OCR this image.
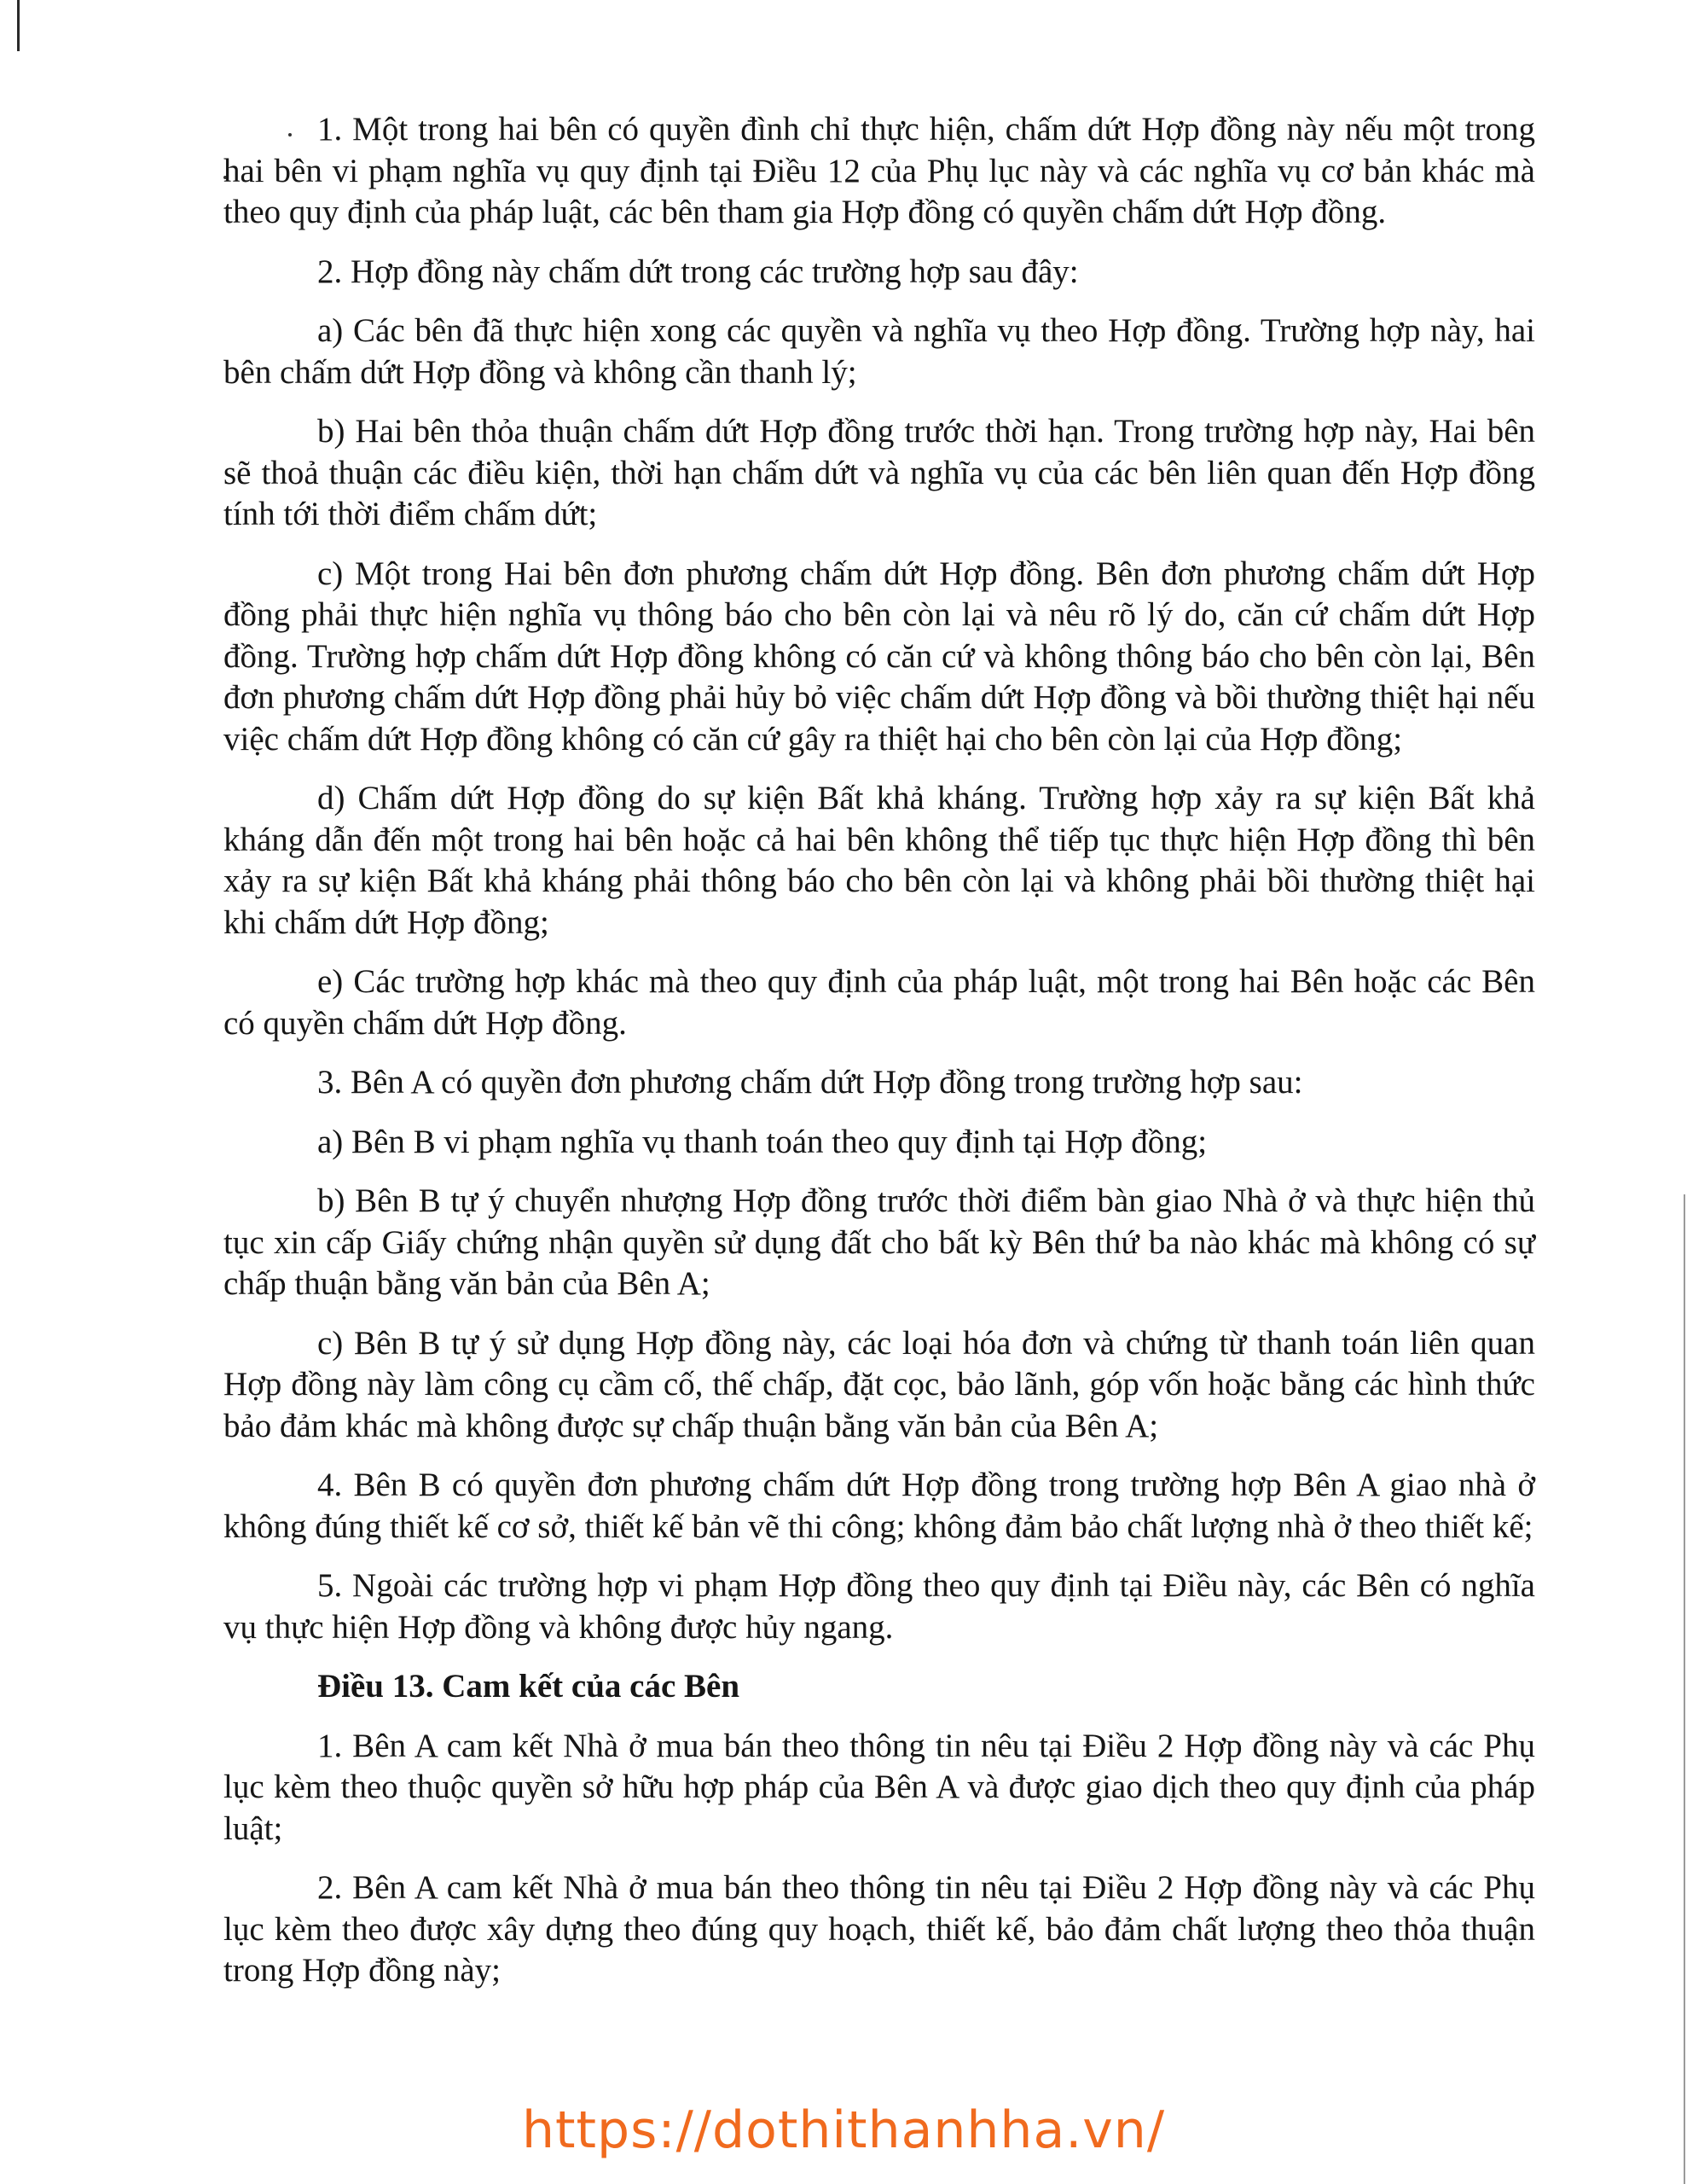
1. Một trong hai bên có quyền đình chỉ thực hiện, chấm dứt Hợp đồng này nếu một trong hai bên vi phạm nghĩa vụ quy định tại Điều 12 của Phụ lục này và các nghĩa vụ cơ bản khác mà theo quy định của pháp luật, các bên tham gia Hợp đồng có quyền chấm dứt Hợp đồng.

2. Hợp đồng này chấm dứt trong các trường hợp sau đây:

a) Các bên đã thực hiện xong các quyền và nghĩa vụ theo Hợp đồng. Trường hợp này, hai bên chấm dứt Hợp đồng và không cần thanh lý;

b) Hai bên thỏa thuận chấm dứt Hợp đồng trước thời hạn. Trong trường hợp này, Hai bên sẽ thoả thuận các điều kiện, thời hạn chấm dứt và nghĩa vụ của các bên liên quan đến Hợp đồng tính tới thời điểm chấm dứt;

c) Một trong Hai bên đơn phương chấm dứt Hợp đồng. Bên đơn phương chấm dứt Hợp đồng phải thực hiện nghĩa vụ thông báo cho bên còn lại và nêu rõ lý do, căn cứ chấm dứt Hợp đồng. Trường hợp chấm dứt Hợp đồng không có căn cứ và không thông báo cho bên còn lại, Bên đơn phương chấm dứt Hợp đồng phải hủy bỏ việc chấm dứt Hợp đồng và bồi thường thiệt hại nếu việc chấm dứt Hợp đồng không có căn cứ gây ra thiệt hại cho bên còn lại của Hợp đồng;

d) Chấm dứt Hợp đồng do sự kiện Bất khả kháng. Trường hợp xảy ra sự kiện Bất khả kháng dẫn đến một trong hai bên hoặc cả hai bên không thể tiếp tục thực hiện Hợp đồng thì bên xảy ra sự kiện Bất khả kháng phải thông báo cho bên còn lại và không phải bồi thường thiệt hại khi chấm dứt Hợp đồng;

e) Các trường hợp khác mà theo quy định của pháp luật, một trong hai Bên hoặc các Bên có quyền chấm dứt Hợp đồng.

3. Bên A có quyền đơn phương chấm dứt Hợp đồng trong trường hợp sau:

a) Bên B vi phạm nghĩa vụ thanh toán theo quy định tại Hợp đồng;

b) Bên B tự ý chuyển nhượng Hợp đồng trước thời điểm bàn giao Nhà ở và thực hiện thủ tục xin cấp Giấy chứng nhận quyền sử dụng đất cho bất kỳ Bên thứ ba nào khác mà không có sự chấp thuận bằng văn bản của Bên A;

c) Bên B tự ý sử dụng Hợp đồng này, các loại hóa đơn và chứng từ thanh toán liên quan Hợp đồng này làm công cụ cầm cố, thế chấp, đặt cọc, bảo lãnh, góp vốn hoặc bằng các hình thức bảo đảm khác mà không được sự chấp thuận bằng văn bản của Bên A;

4. Bên B có quyền đơn phương chấm dứt Hợp đồng trong trường hợp Bên A giao nhà ở không đúng thiết kế cơ sở, thiết kế bản vẽ thi công; không đảm bảo chất lượng nhà ở theo thiết kế;

5. Ngoài các trường hợp vi phạm Hợp đồng theo quy định tại Điều này, các Bên có nghĩa vụ thực hiện Hợp đồng và không được hủy ngang.

Điều 13. Cam kết của các Bên

1. Bên A cam kết Nhà ở mua bán theo thông tin nêu tại Điều 2 Hợp đồng này và các Phụ lục kèm theo thuộc quyền sở hữu hợp pháp của Bên A và được giao dịch theo quy định của pháp luật;

2. Bên A cam kết Nhà ở mua bán theo thông tin nêu tại Điều 2 Hợp đồng này và các Phụ lục kèm theo được xây dựng theo đúng quy hoạch, thiết kế, bảo đảm chất lượng theo thỏa thuận trong Hợp đồng này;

https://dothithanhha.vn/
